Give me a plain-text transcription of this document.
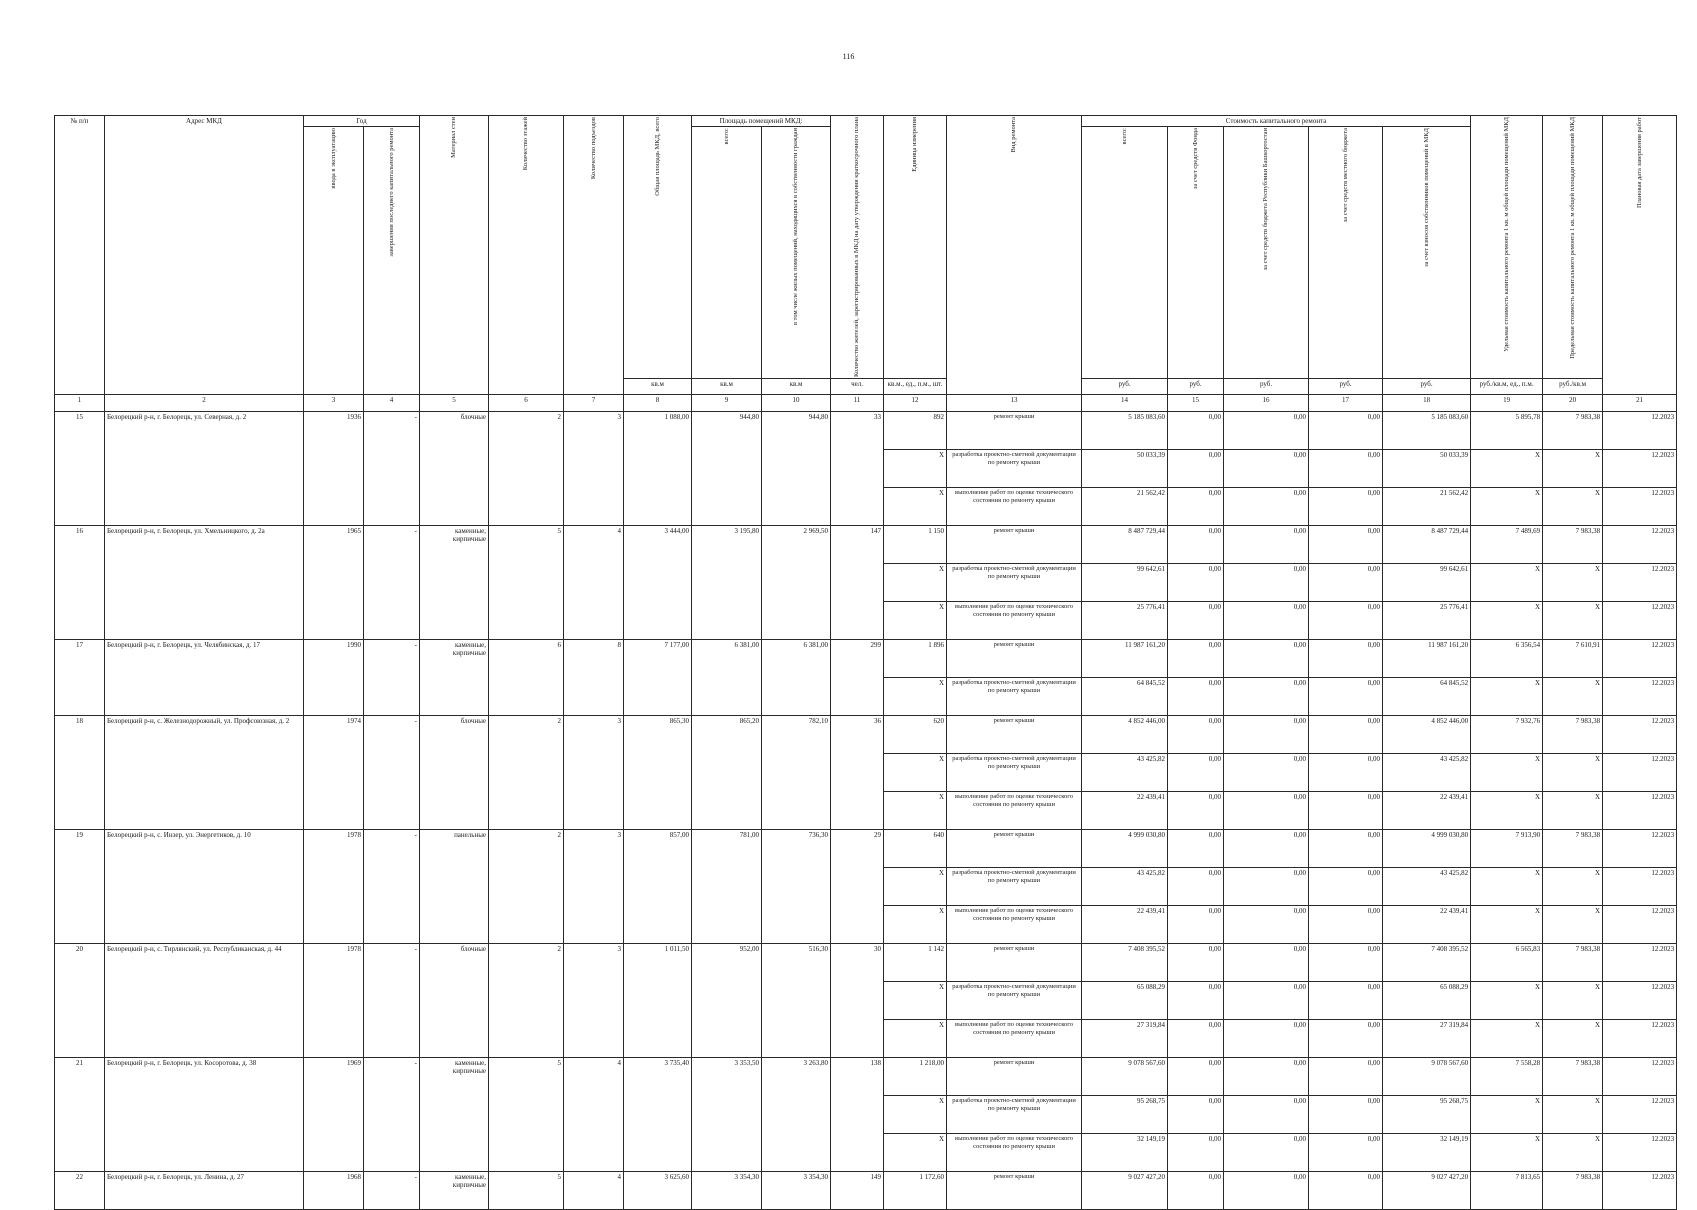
116
№ п/п	Адрес МКД	Год		Материал стен	Количество этажей	Количество подъездов	Общая площадь МКД, всего	Площадь помещений МКД:		Количество жителей, зарегистрированных в МКД на дату утверждения краткосрочного плана	Единица измерения	Вид ремонта	Стоимость капитального ремонта					Удельная стоимость капитального ремонта 1 кв. м общей площади помещений МКД	Предельная стоимость капитального ремонта 1 кв. м общей площади помещений МКД	Плановая дата завершения работ

		ввода в эксплуатацию	завершения последнего капитального ремонта					всего:	в том числе жилых помещений, находящихся в собственности граждан				всего:	за счет средств Фонда	за счет средств бюджета Республики Башкортостан	за счет средств местного бюджета	за счет взносов собственников помещений в МКД			

							кв.м	кв.м	кв.м	чел.	кв.м., ед., п.м., шт.		руб.	руб.	руб.	руб.	руб.	руб./кв.м, ед., п.м.	руб./кв.м	
1	2	3	4	5	6	7	8	9	10	11	12	13	14	15	16	17	18	19	20	21
15	Белорецкий р-н, г. Белорецк, ул. Северная, д. 2	1936	-	блочные	2	3	1 088,00	944,80	944,80	33	892	ремонт крыши	5 185 083,60	0,00	0,00	0,00	5 185 083,60	5 895,78	7 983,38	12.2023
											X	разработка проектно-сметной документации по ремонту крыши	50 033,39	0,00	0,00	0,00	50 033,39	X	X	12.2023
											X	выполнение работ по оценке технического состояния по ремонту крыши	21 562,42	0,00	0,00	0,00	21 562,42	X	X	12.2023
16	Белорецкий р-н, г. Белорецк, ул. Хмельницкого, д. 2а	1965	-	каменные, кирпичные	5	4	3 444,00	3 195,80	2 969,50	147	1 150	ремонт крыши	8 487 729,44	0,00	0,00	0,00	8 487 729,44	7 489,69	7 983,38	12.2023
											X	разработка проектно-сметной документации по ремонту крыши	99 642,61	0,00	0,00	0,00	99 642,61	X	X	12.2023
											X	выполнение работ по оценке технического состояния по ремонту крыши	25 776,41	0,00	0,00	0,00	25 776,41	X	X	12.2023
17	Белорецкий р-н, г. Белорецк, ул. Челябинская, д. 17	1990	-	каменные, кирпичные	6	8	7 177,00	6 381,00	6 381,00	299	1 896	ремонт крыши	11 987 161,20	0,00	0,00	0,00	11 987 161,20	6 356,54	7 610,91	12.2023
											X	разработка проектно-сметной документации по ремонту крыши	64 845,52	0,00	0,00	0,00	64 845,52	X	X	12.2023
18	Белорецкий р-н, с. Железнодорожный, ул. Профсоюзная, д. 2	1974	-	блочные	2	3	865,30	865,20	782,10	36	620	ремонт крыши	4 852 446,00	0,00	0,00	0,00	4 852 446,00	7 932,76	7 983,38	12.2023
											X	разработка проектно-сметной документации по ремонту крыши	43 425,82	0,00	0,00	0,00	43 425,82	X	X	12.2023
											X	выполнение работ по оценке технического состояния по ремонту крыши	22 439,41	0,00	0,00	0,00	22 439,41	X	X	12.2023
19	Белорецкий р-н, с. Инзер, ул. Энергетиков, д. 10	1978	-	панельные	2	3	857,00	781,00	736,30	29	640	ремонт крыши	4 999 030,80	0,00	0,00	0,00	4 999 030,80	7 913,90	7 983,38	12.2023
											X	разработка проектно-сметной документации по ремонту крыши	43 425,82	0,00	0,00	0,00	43 425,82	X	X	12.2023
											X	выполнение работ по оценке технического состояния по ремонту крыши	22 439,41	0,00	0,00	0,00	22 439,41	X	X	12.2023
20	Белорецкий р-н, с. Тирлянский, ул. Республиканская, д. 44	1978	-	блочные	2	3	1 011,50	952,00	516,30	30	1 142	ремонт крыши	7 408 395,52	0,00	0,00	0,00	7 408 395,52	6 565,83	7 983,38	12.2023
											X	разработка проектно-сметной документации по ремонту крыши	65 088,29	0,00	0,00	0,00	65 088,29	X	X	12.2023
											X	выполнение работ по оценке технического состояния по ремонту крыши	27 319,84	0,00	0,00	0,00	27 319,84	X	X	12.2023
21	Белорецкий р-н, г. Белорецк, ул. Косоротова, д. 38	1969	-	каменные, кирпичные	5	4	3 735,40	3 353,50	3 263,80	138	1 218,00	ремонт крыши	9 078 567,60	0,00	0,00	0,00	9 078 567,60	7 558,28	7 983,38	12.2023
											X	разработка проектно-сметной документации по ремонту крыши	95 268,75	0,00	0,00	0,00	95 268,75	X	X	12.2023
											X	выполнение работ по оценке технического состояния по ремонту крыши	32 149,19	0,00	0,00	0,00	32 149,19	X	X	12.2023
22	Белорецкий р-н, г. Белорецк, ул. Ленина, д. 27	1968	-	каменные, кирпичные	5	4	3 625,60	3 354,30	3 354,30	149	1 172,60	ремонт крыши	9 027 427,20	0,00	0,00	0,00	9 027 427,20	7 813,65	7 983,38	12.2023
